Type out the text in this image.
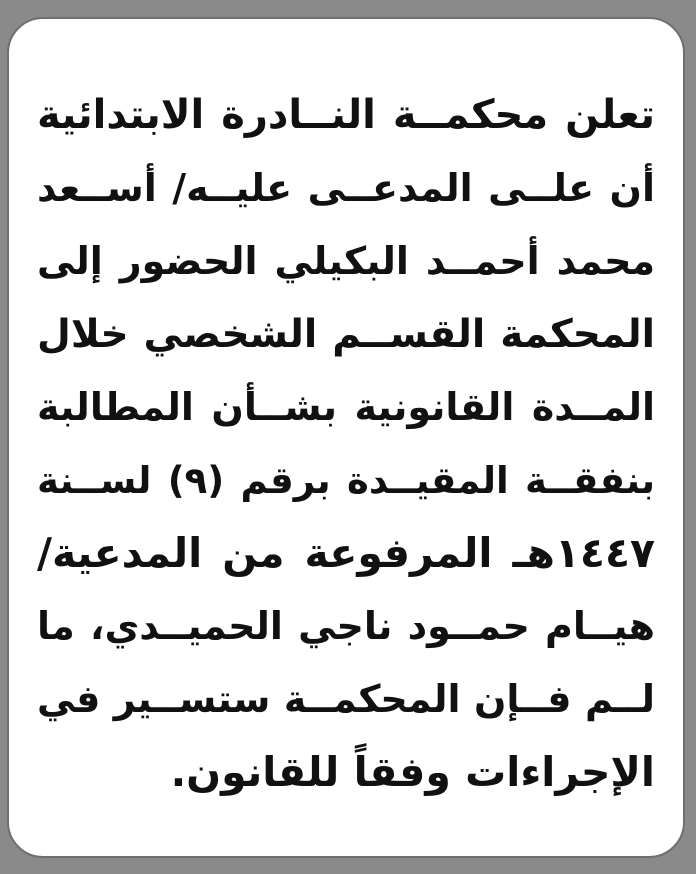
تعلن محكمــة النــادرة الابتدائية
أن علــى المدعــى عليــه/ أســعد
محمد أحمــد البكيلي الحضور إلى
المحكمة القســم الشخصي خلال
المــدة القانونية بشــأن المطالبة
بنفقــة المقيــدة برقم (٩) لســنة
١٤٤٧هـ المرفوعة من المدعية/
هيــام حمــود ناجي الحميــدي، ما
لــم فــإن المحكمــة ستســير في
الإجراءات وفقاً للقانون.
